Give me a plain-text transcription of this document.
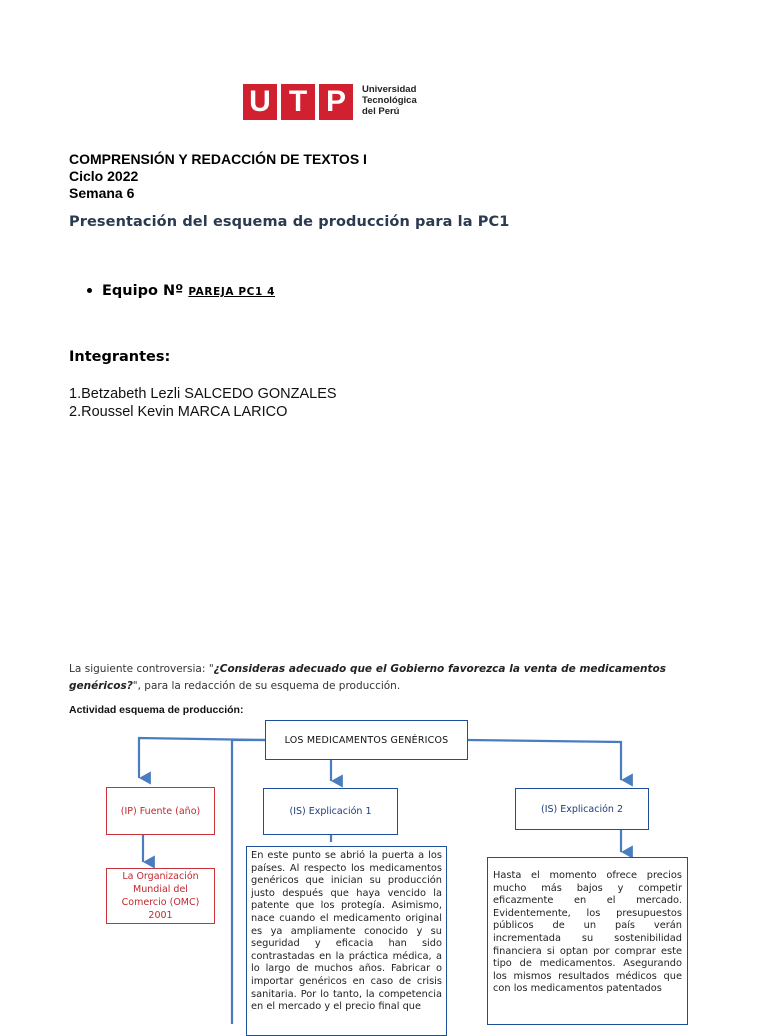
U T P	Universidad
Tecnológica
del Perú
COMPRENSIÓN Y REDACCIÓN DE TEXTOS I
Ciclo 2022
Semana 6
Presentación del esquema de producción para la PC1
Equipo Nº PAREJA PC1 4
Integrantes:
1.Betzabeth Lezli SALCEDO GONZALES
2.Roussel Kevin MARCA LARICO
La siguiente controversia: "¿Consideras adecuado que el Gobierno favorezca la venta de medicamentos genéricos?", para la redacción de su esquema de producción.
Actividad esquema de producción:
LOS MEDICAMENTOS GENÉRICOS
(IP) Fuente (año)	(IS) Explicación 1	(IS) Explicación 2
La Organización Mundial del Comercio (OMC) 2001
En este punto se abrió la puerta a los países. Al respecto los medicamentos genéricos que inician su producción justo después que haya vencido la patente que los protegía. Asimismo, nace cuando el medicamento original es ya ampliamente conocido y su seguridad y eficacia han sido contrastadas en la práctica médica, a lo largo de muchos años. Fabricar o importar genéricos en caso de crisis sanitaria. Por lo tanto, la competencia en el mercado y el precio final que
Hasta el momento ofrece precios mucho más bajos y competir eficazmente en el mercado. Evidentemente, los presupuestos públicos de un país verán incrementada su sostenibilidad financiera si optan por comprar este tipo de medicamentos. Asegurando los mismos resultados médicos que con los medicamentos patentados
